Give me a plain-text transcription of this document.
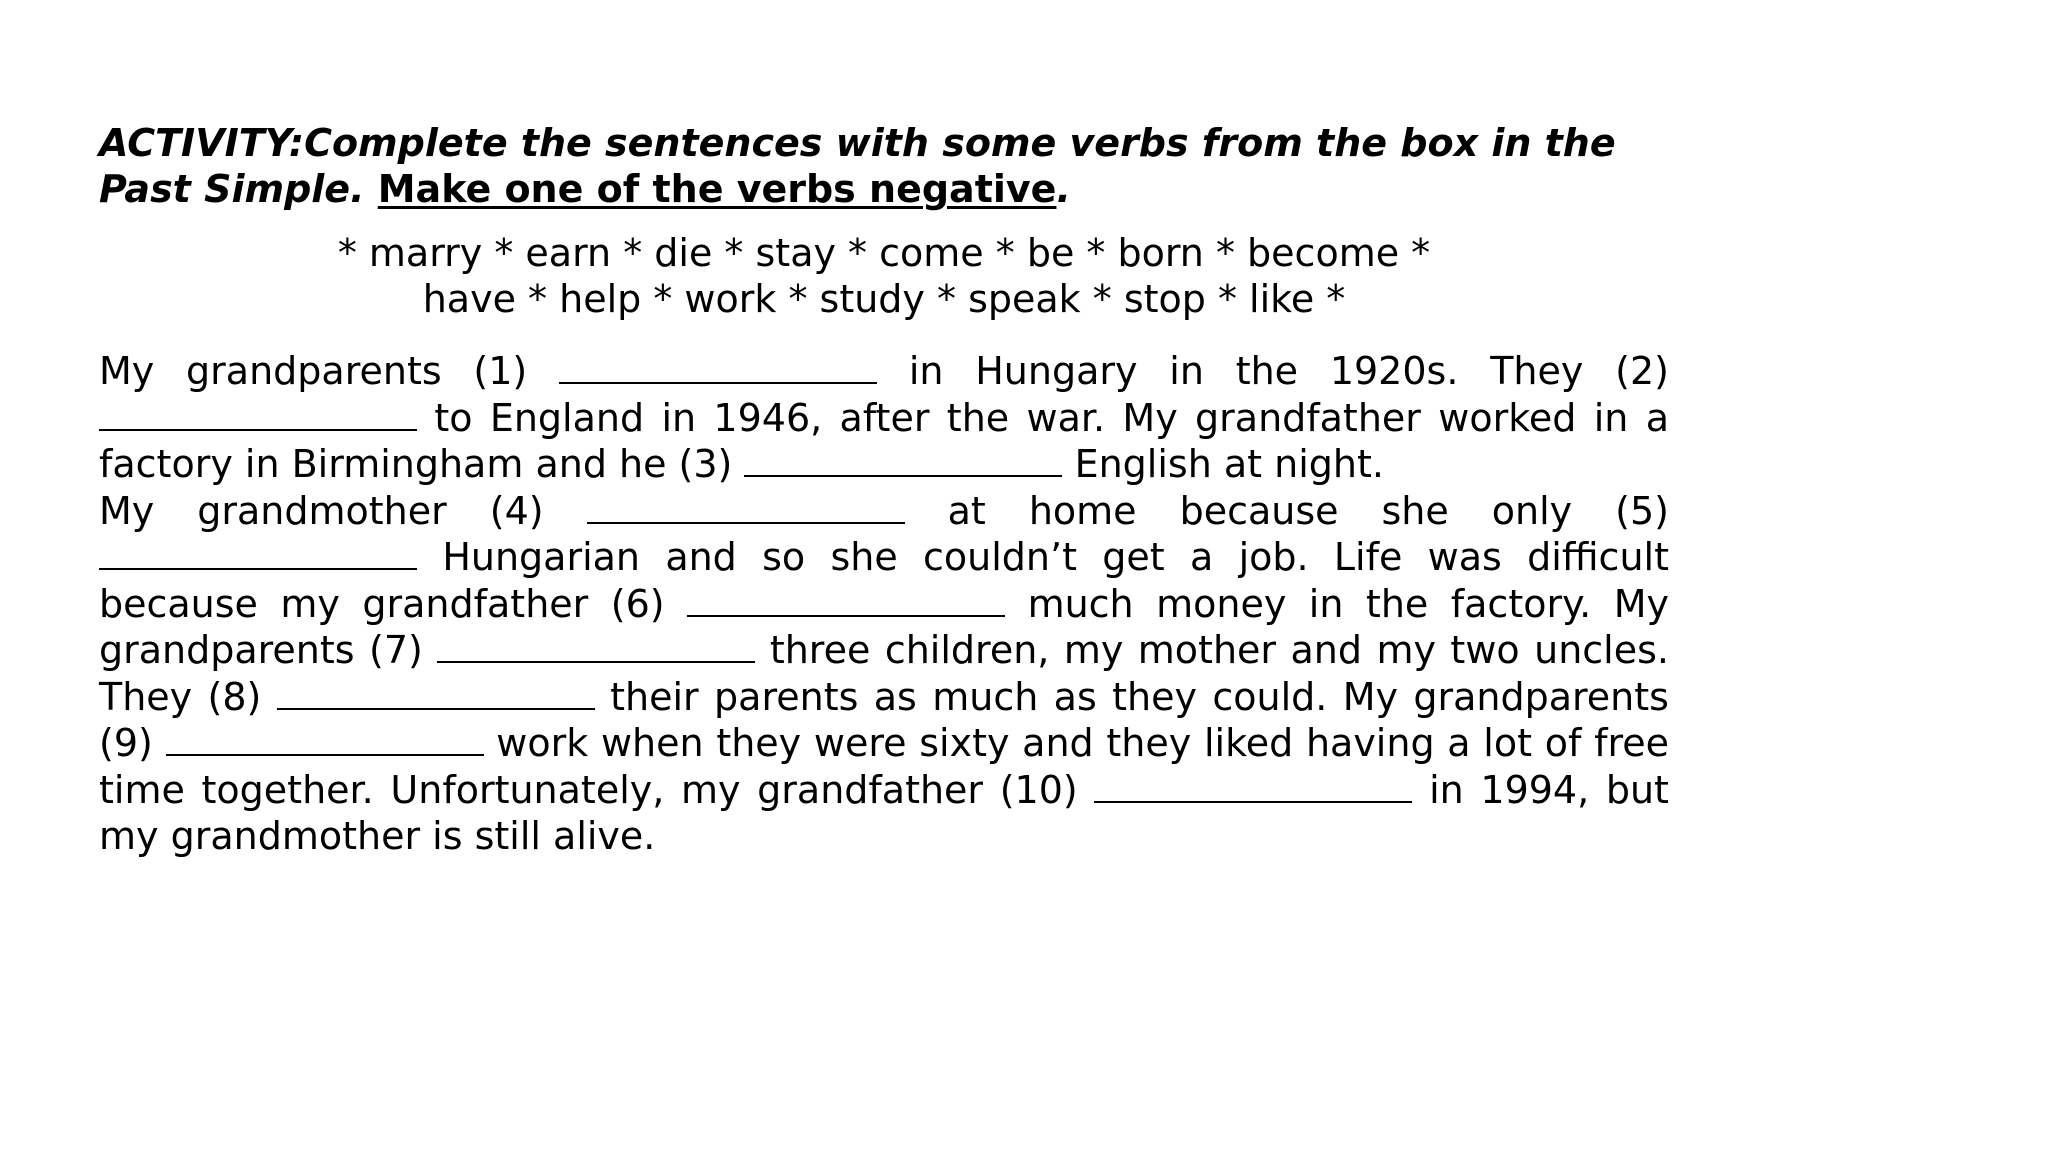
ACTIVITY:Complete the sentences with some verbs from the box in the Past Simple. Make one of the verbs negative.

* marry * earn * die * stay * come * be * born * become *
have * help * work * study * speak * stop * like *

My grandparents (1)	in Hungary in the 1920s. They (2)  to England in 1946, after the war. My grandfather worked in a factory in Birmingham and he (3)	English at night.

My grandmother (4)	at home because she only (5)  Hungarian and so she couldn’t get a job. Life was difficult because my grandfather (6)	much money in the factory. My grandparents (7)	three children, my mother and my two uncles. They (8)	their parents as much as they could. My grandparents (9)	work when they were sixty and they liked having a lot of free time together. Unfortunately, my grandfather (10)	in 1994, but my grandmother is still alive.
